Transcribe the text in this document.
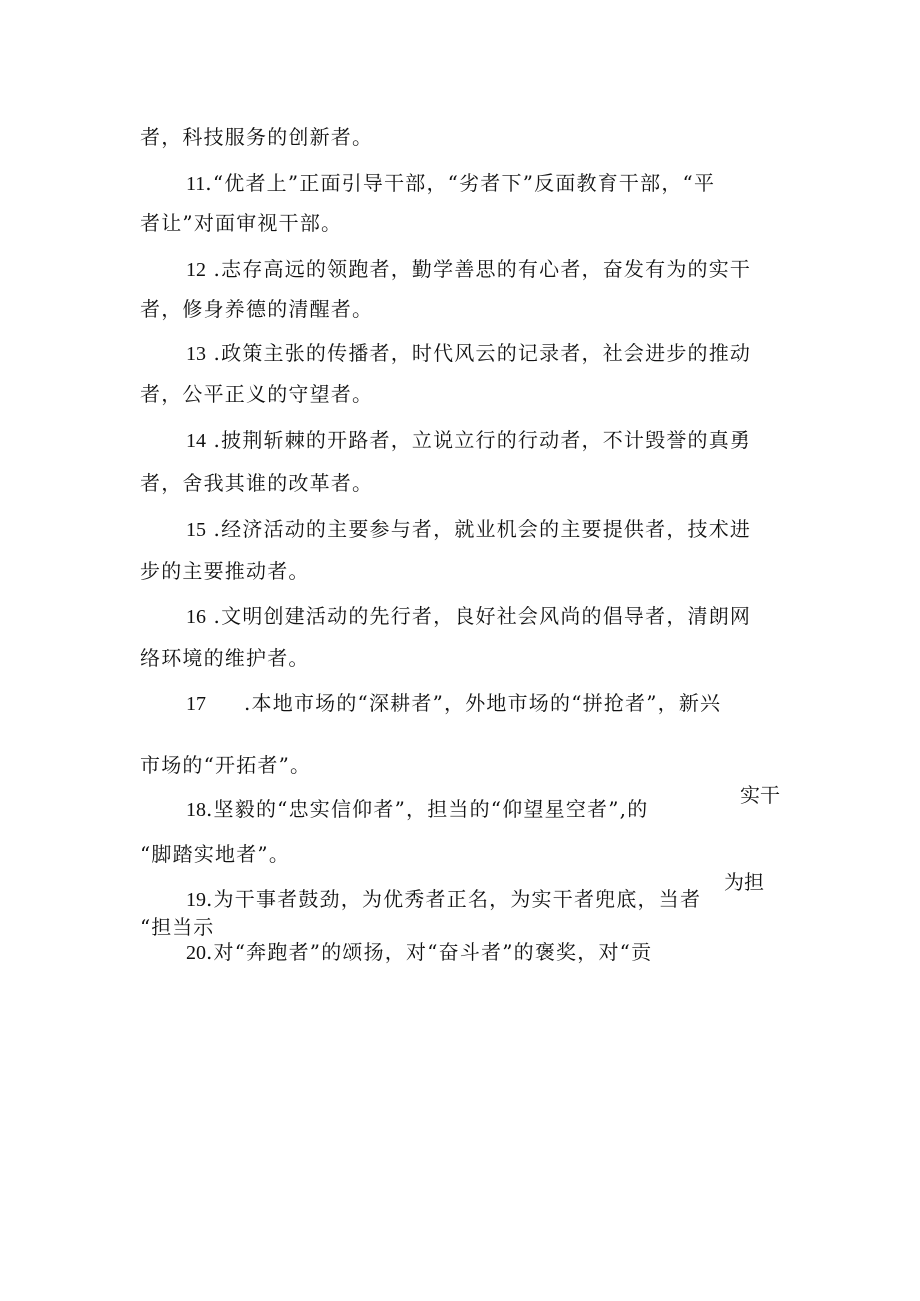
者，科技服务的创新者。
11.“优者上”正面引导干部，“劣者下”反面教育干部，“平
者让”对面审视干部。
12 .志存高远的领跑者，勤学善思的有心者，奋发有为的实干
者，修身养德的清醒者。
13 .政策主张的传播者，时代风云的记录者，社会进步的推动
者，公平正义的守望者。
14 .披荆斩棘的开路者，立说立行的行动者，不计毁誉的真勇
者，舍我其谁的改革者。
15 .经济活动的主要参与者，就业机会的主要提供者，技术进
步的主要推动者。
16 .文明创建活动的先行者，良好社会风尚的倡导者，清朗网
络环境的维护者。
17 .本地市场的“深耕者”，外地市场的“拼抢者”，新兴
市场的“开拓者”。
18.坚毅的“忠实信仰者”，担当的“仰望星空者”,的
实干
“脚踏实地者”。
19.为干事者鼓劲，为优秀者正名，为实干者兜底，当者
为担
“担当示
20.对“奔跑者”的颂扬，对“奋斗者”的褒奖，对“贡
